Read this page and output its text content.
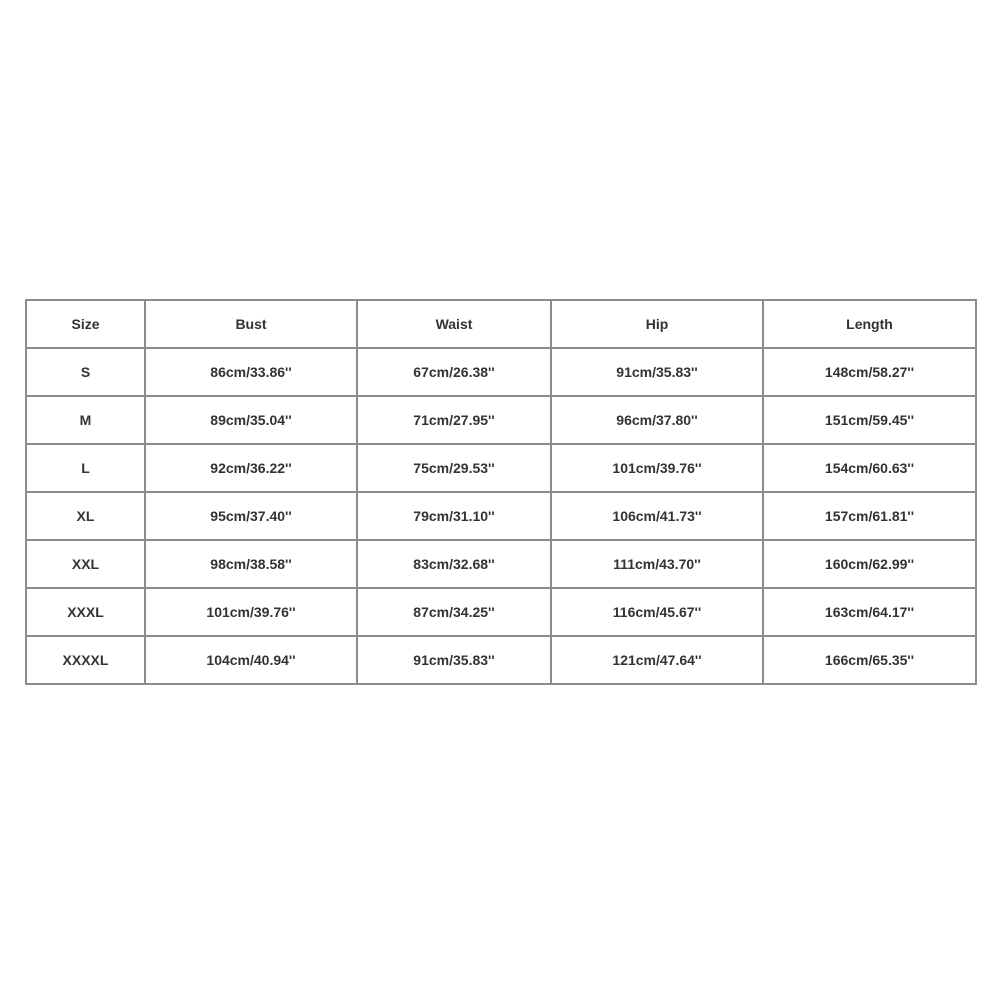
Size	Bust	Waist	Hip	Length
S	86cm/33.86''	67cm/26.38''	91cm/35.83''	148cm/58.27''
M	89cm/35.04''	71cm/27.95''	96cm/37.80''	151cm/59.45''
L	92cm/36.22''	75cm/29.53''	101cm/39.76''	154cm/60.63''
XL	95cm/37.40''	79cm/31.10''	106cm/41.73''	157cm/61.81''
XXL	98cm/38.58''	83cm/32.68''	111cm/43.70''	160cm/62.99''
XXXL	101cm/39.76''	87cm/34.25''	116cm/45.67''	163cm/64.17''
XXXXL	104cm/40.94''	91cm/35.83''	121cm/47.64''	166cm/65.35''
